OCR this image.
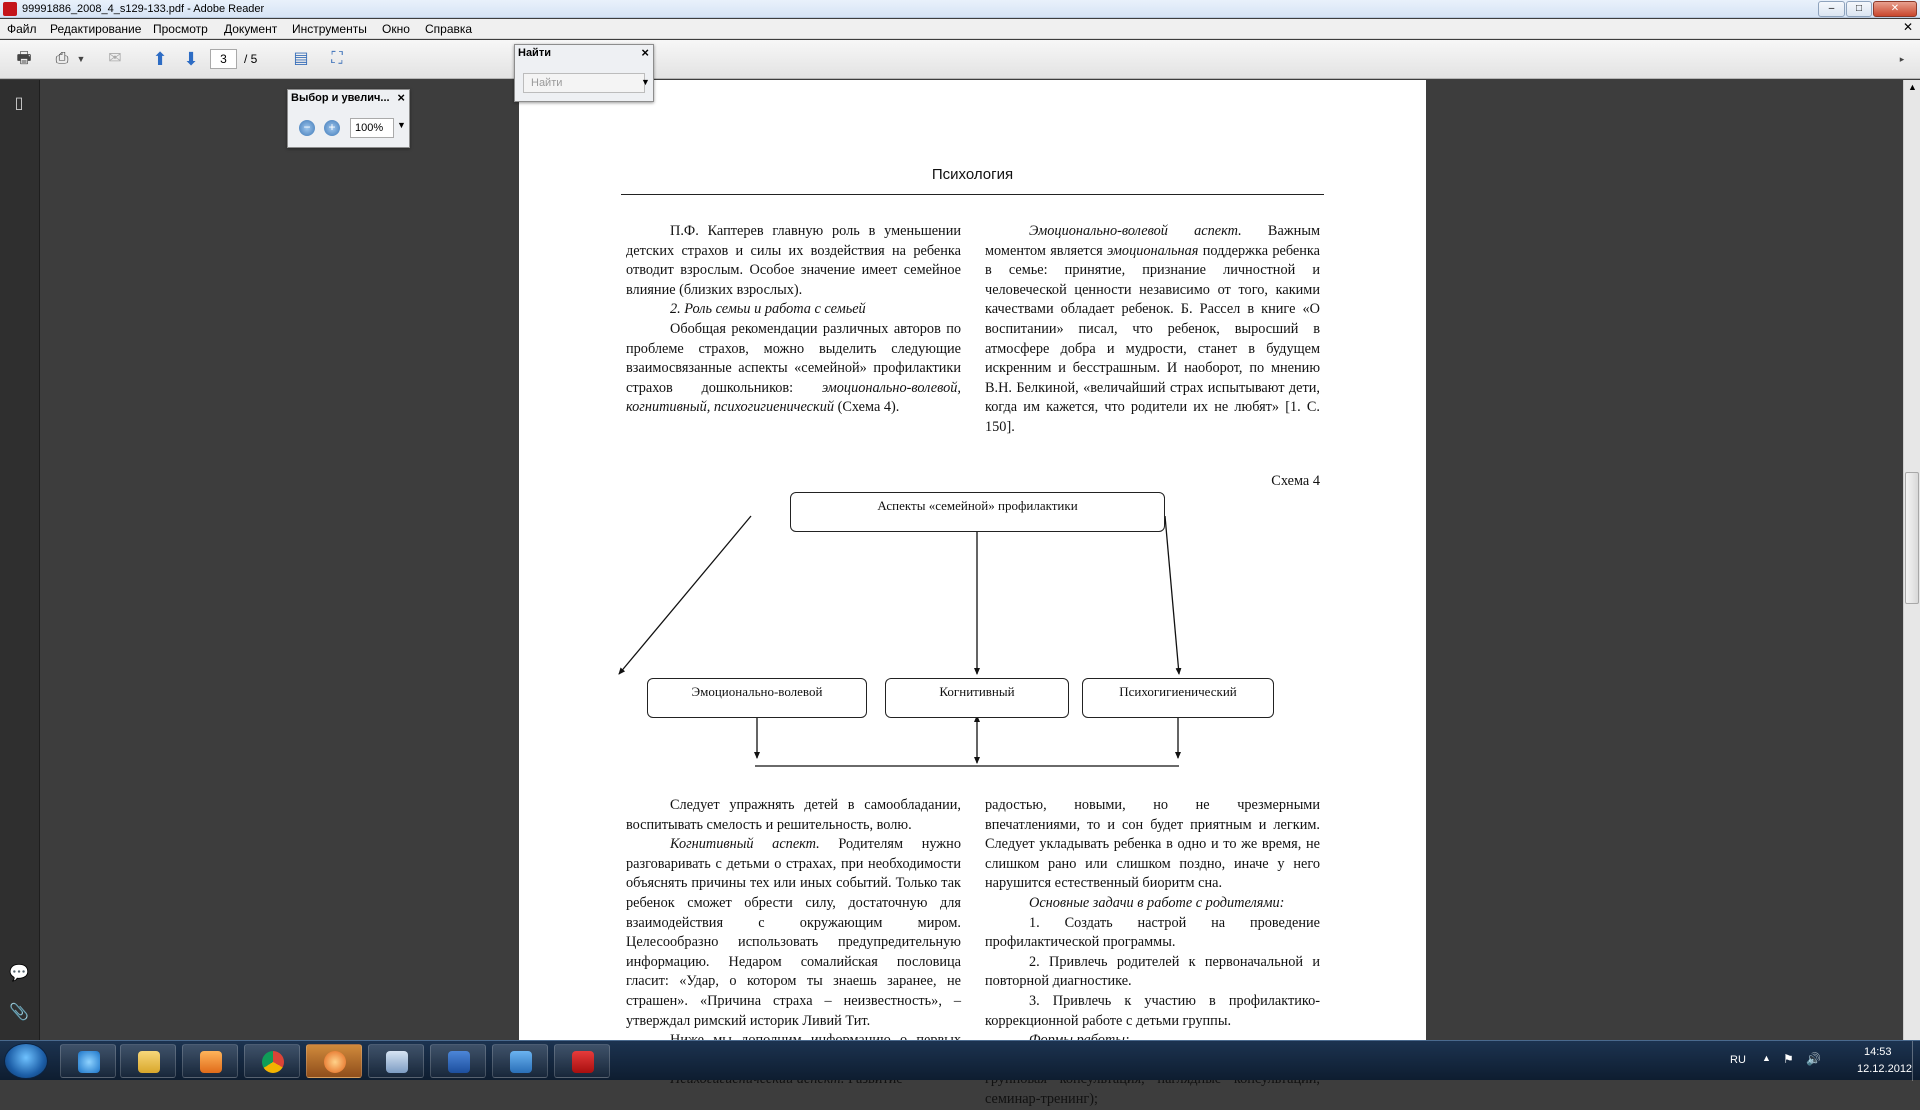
99991886_2008_4_s129-133.pdf - Adobe Reader	–	□	✕
Файл Редактирование Просмотр Документ Инструменты Окно Справка	✕
🖶	⎙ ▼	✉ ⬆ ⬇	3	/ 5 ▤	⛶	▸
▯
💬
📎
Психология

П.Ф. Каптерев главную роль в уменьшении детских страхов и силы их воздействия на ребенка отводит взрослым. Особое значение имеет семейное влияние (близких взрослых).

2. Роль семьи и работа с семьей

Обобщая рекомендации различных авторов по проблеме страхов, можно выделить следующие взаимосвязанные аспекты «семейной» профилактики страхов дошкольников: эмоционально-волевой, когнитивный, психогигиенический (Схема 4).

Эмоционально-волевой аспект. Важным моментом является эмоциональная поддержка ребенка в семье: принятие, признание личностной и человеческой ценности независимо от того, какими качествами обладает ребенок. Б. Рассел в книге «О воспитании» писал, что ребенок, выросший в атмосфере добра и мудрости, станет в будущем искренним и бесстрашным. И наоборот, по мнению В.Н. Белкиной, «величайший страх испытывают дети, когда им кажется, что родители их не любят» [1. С. 150].

Схема 4
Аспекты «семейной» профилактики
Эмоционально-волевой	Когнитивный	Психогигиенический

Следует упражнять детей в самообладании, воспитывать смелость и решительность, волю.

Когнитивный аспект. Родителям нужно разговаривать с детьми о страхах, при необходимости объяснять причины тех или иных событий. Только так ребенок сможет обрести силу, достаточную для взаимодействия с окружающим миром. Целесообразно использовать предупредительную информацию. Недаром сомалийская пословица гласит: «Удар, о котором ты знаешь заранее, не страшен». «Причина страха – неизвестность», – утверждал римский историк Ливий Тит.

радостью, новыми, но не чрезмерными впечатлениями, то и сон будет приятным и легким. Следует укладывать ребенка в одно и то же время, не слишком рано или слишком поздно, иначе у него нарушится естественный биоритм сна.

Основные задачи в работе с родителями:

1. Создать настрой на проведение профилактической программы.

2. Привлечь родителей к первоначальной и повторной диагностике.

3. Привлечь к участию в профилактико-коррекционной работе с детьми группы.

семинар-тренинг);

Выбор и увелич... ×
−	+	100%	▼
Найти	×
Найти	▼	▲
RU ▲ ⚑ 🔊	14:53
12.12.2012
